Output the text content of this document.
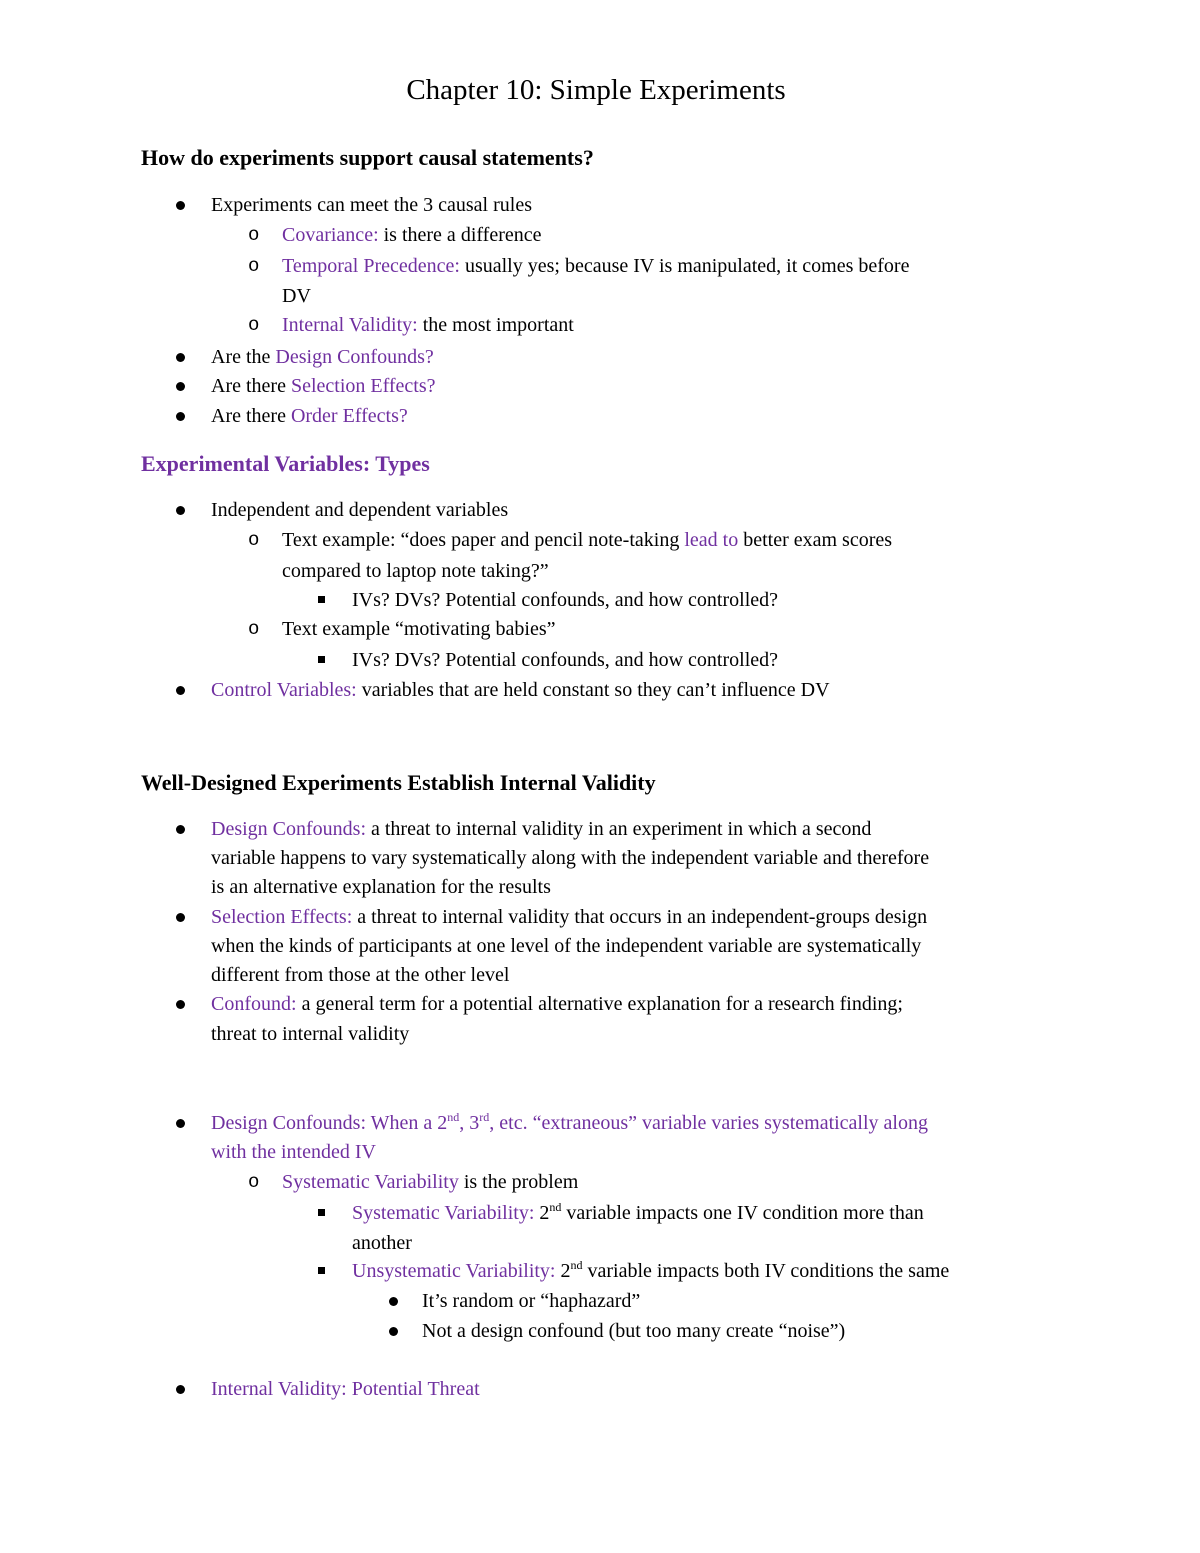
Chapter 10: Simple Experiments
How do experiments support causal statements?
Experiments can meet the 3 causal rules
o Covariance: is there a difference
o Temporal Precedence: usually yes; because IV is manipulated, it comes before
DV
o Internal Validity: the most important
Are the Design Confounds?
Are there Selection Effects?
Are there Order Effects?
Experimental Variables: Types
Independent and dependent variables
o Text example: “does paper and pencil note-taking lead to better exam scores
compared to laptop note taking?”
IVs? DVs? Potential confounds, and how controlled?
o Text example “motivating babies”
IVs? DVs? Potential confounds, and how controlled?
Control Variables: variables that are held constant so they can’t influence DV
Well-Designed Experiments Establish Internal Validity
Design Confounds: a threat to internal validity in an experiment in which a second
variable happens to vary systematically along with the independent variable and therefore
is an alternative explanation for the results
Selection Effects: a threat to internal validity that occurs in an independent-groups design
when the kinds of participants at one level of the independent variable are systematically
different from those at the other level
Confound: a general term for a potential alternative explanation for a research finding;
threat to internal validity
Design Confounds: When a 2nd, 3rd, etc. “extraneous” variable varies systematically along
with the intended IV
o Systematic Variability is the problem
Systematic Variability: 2nd variable impacts one IV condition more than
another
Unsystematic Variability: 2nd variable impacts both IV conditions the same
It’s random or “haphazard”
Not a design confound (but too many create “noise”)
Internal Validity: Potential Threat
